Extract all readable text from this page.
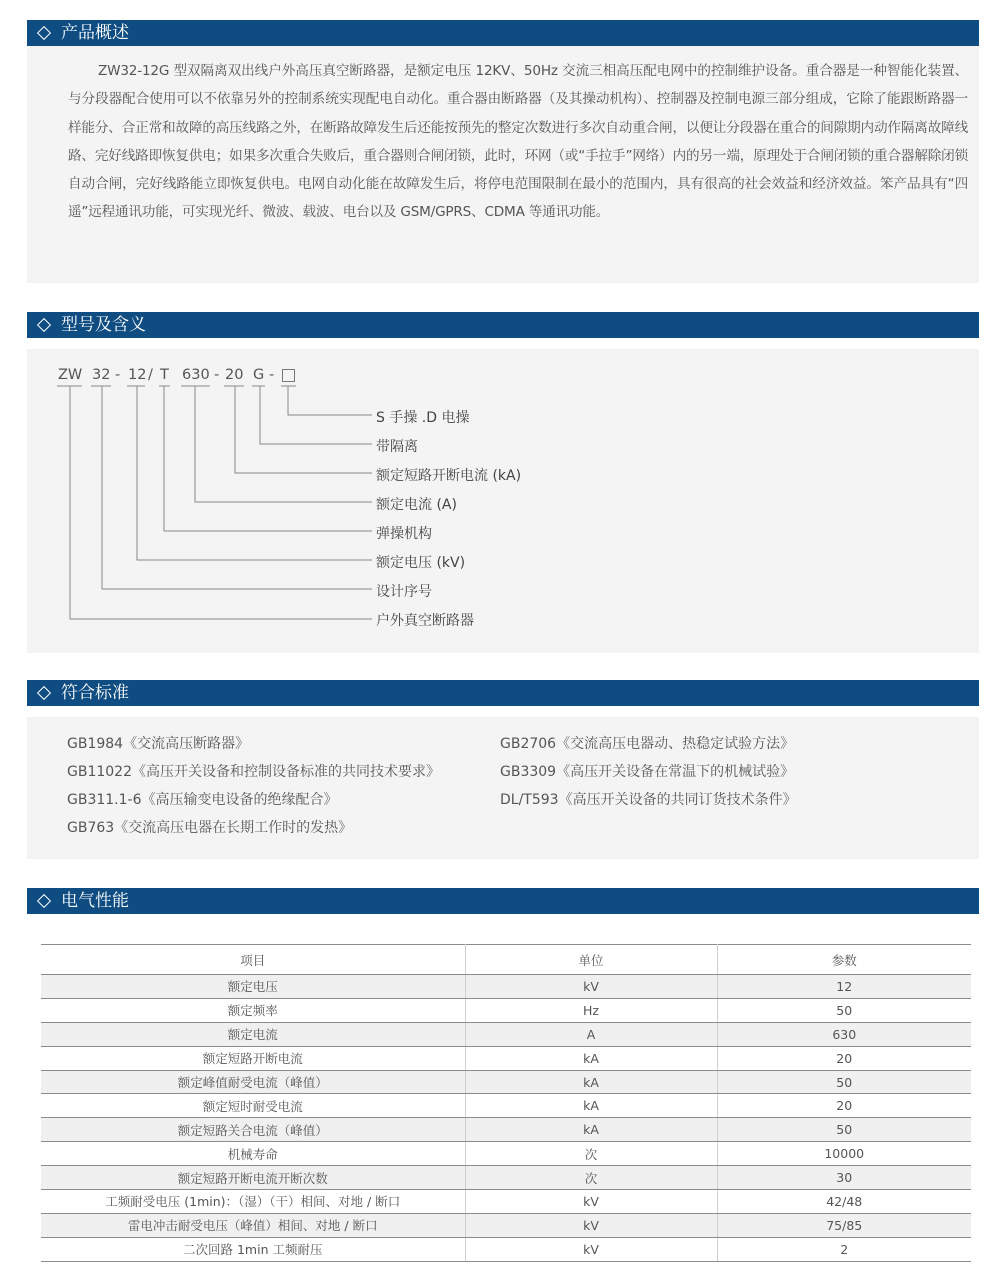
产品概述

ZW32-12G 型双隔离双出线户外高压真空断路器，是额定电压 12KV、50Hz 交流三相高压配电网中的控制维护设备。重合器是一种智能化装置、与分段器配合使用可以不依靠另外的控制系统实现配电自动化。重合器由断路器（及其操动机构）、控制器及控制电源三部分组成，它除了能跟断路器一样能分、合正常和故障的高压线路之外，在断路故障发生后还能按预先的整定次数进行多次自动重合闸，以便让分段器在重合的间隙期内动作隔离故障线路、完好线路即恢复供电；如果多次重合失败后，重合器则合闸闭锁，此时，环网（或“手拉手”网络）内的另一端，原理处于合闸闭锁的重合器解除闭锁自动合闸，完好线路能立即恢复供电。电网自动化能在故障发生后，将停电范围限制在最小的范围内，具有很高的社会效益和经济效益。笨产品具有“四遥”远程通讯功能，可实现光纤、微波、载波、电台以及 GSM/GPRS、CDMA 等通讯功能。

型号及含义
ZW 32 - 12 / T 630 - 20 G -
S 手操 .D 电操
带隔离
额定短路开断电流 (kA)
额定电流 (A)
弹操机构
额定电压 (kV)
设计序号
户外真空断路器
符合标准
GB1984《交流高压断路器》
GB11022《高压开关设备和控制设备标准的共同技术要求》
GB311.1-6《高压输变电设备的绝缘配合》
GB763《交流高压电器在长期工作时的发热》
GB2706《交流高压电器动、热稳定试验方法》
GB3309《高压开关设备在常温下的机械试验》
DL/T593《高压开关设备的共同订货技术条件》
电气性能
项目	单位	参数
额定电压	kV	12
额定频率	Hz	50
额定电流	A	630
额定短路开断电流	kA	20
额定峰值耐受电流（峰值）	kA	50
额定短时耐受电流	kA	20
额定短路关合电流（峰值）	kA	50
机械寿命	次	10000
额定短路开断电流开断次数	次	30
工频耐受电压 (1min)：（湿）（干）相间、对地 / 断口	kV	42/48
雷电冲击耐受电压（峰值）相间、对地 / 断口	kV	75/85
二次回路 1min 工频耐压	kV	2
